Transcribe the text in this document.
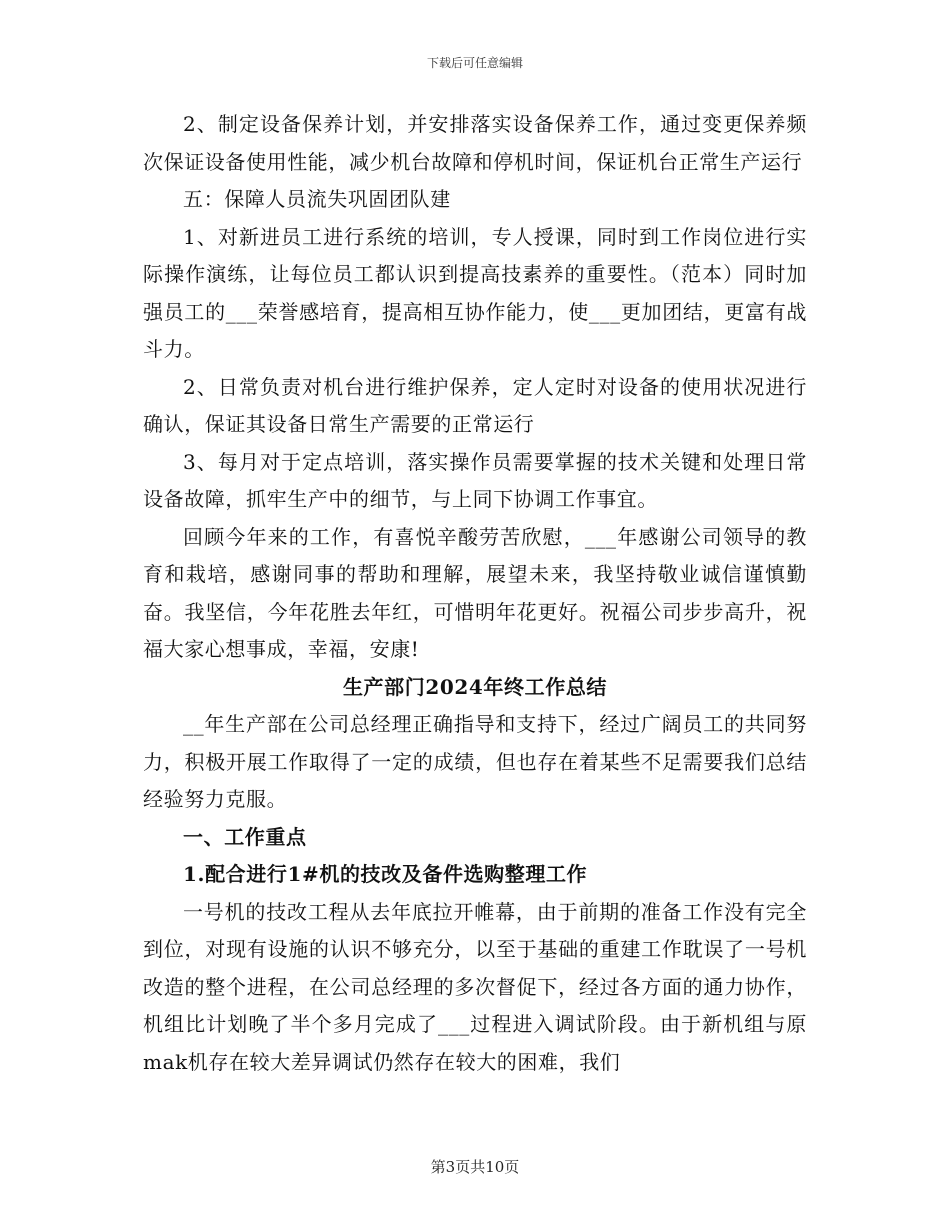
下载后可任意编辑

2、制定设备保养计划，并安排落实设备保养工作，通过变更保养频次保证设备使用性能，减少机台故障和停机时间，保证机台正常生产运行

五：保障人员流失巩固团队建

1、对新进员工进行系统的培训，专人授课，同时到工作岗位进行实际操作演练，让每位员工都认识到提高技素养的重要性。（范本）同时加强员工的___荣誉感培育，提高相互协作能力，使___更加团结，更富有战斗力。

2、日常负责对机台进行维护保养，定人定时对设备的使用状况进行确认，保证其设备日常生产需要的正常运行

3、每月对于定点培训，落实操作员需要掌握的技术关键和处理日常设备故障，抓牢生产中的细节，与上同下协调工作事宜。

回顾今年来的工作，有喜悦辛酸劳苦欣慰，___年感谢公司领导的教育和栽培，感谢同事的帮助和理解，展望未来，我坚持敬业诚信谨慎勤奋。我坚信，今年花胜去年红，可惜明年花更好。祝福公司步步高升，祝福大家心想事成，幸福，安康!

生产部门2024年终工作总结

__年生产部在公司总经理正确指导和支持下，经过广阔员工的共同努力，积极开展工作取得了一定的成绩，但也存在着某些不足需要我们总结经验努力克服。

一、工作重点

1.配合进行1#机的技改及备件选购整理工作

一号机的技改工程从去年底拉开帷幕，由于前期的准备工作没有完全到位，对现有设施的认识不够充分，以至于基础的重建工作耽误了一号机改造的整个进程，在公司总经理的多次督促下，经过各方面的通力协作，机组比计划晚了半个多月完成了___过程进入调试阶段。由于新机组与原mak机存在较大差异调试仍然存在较大的困难，我们

第3页共10页
